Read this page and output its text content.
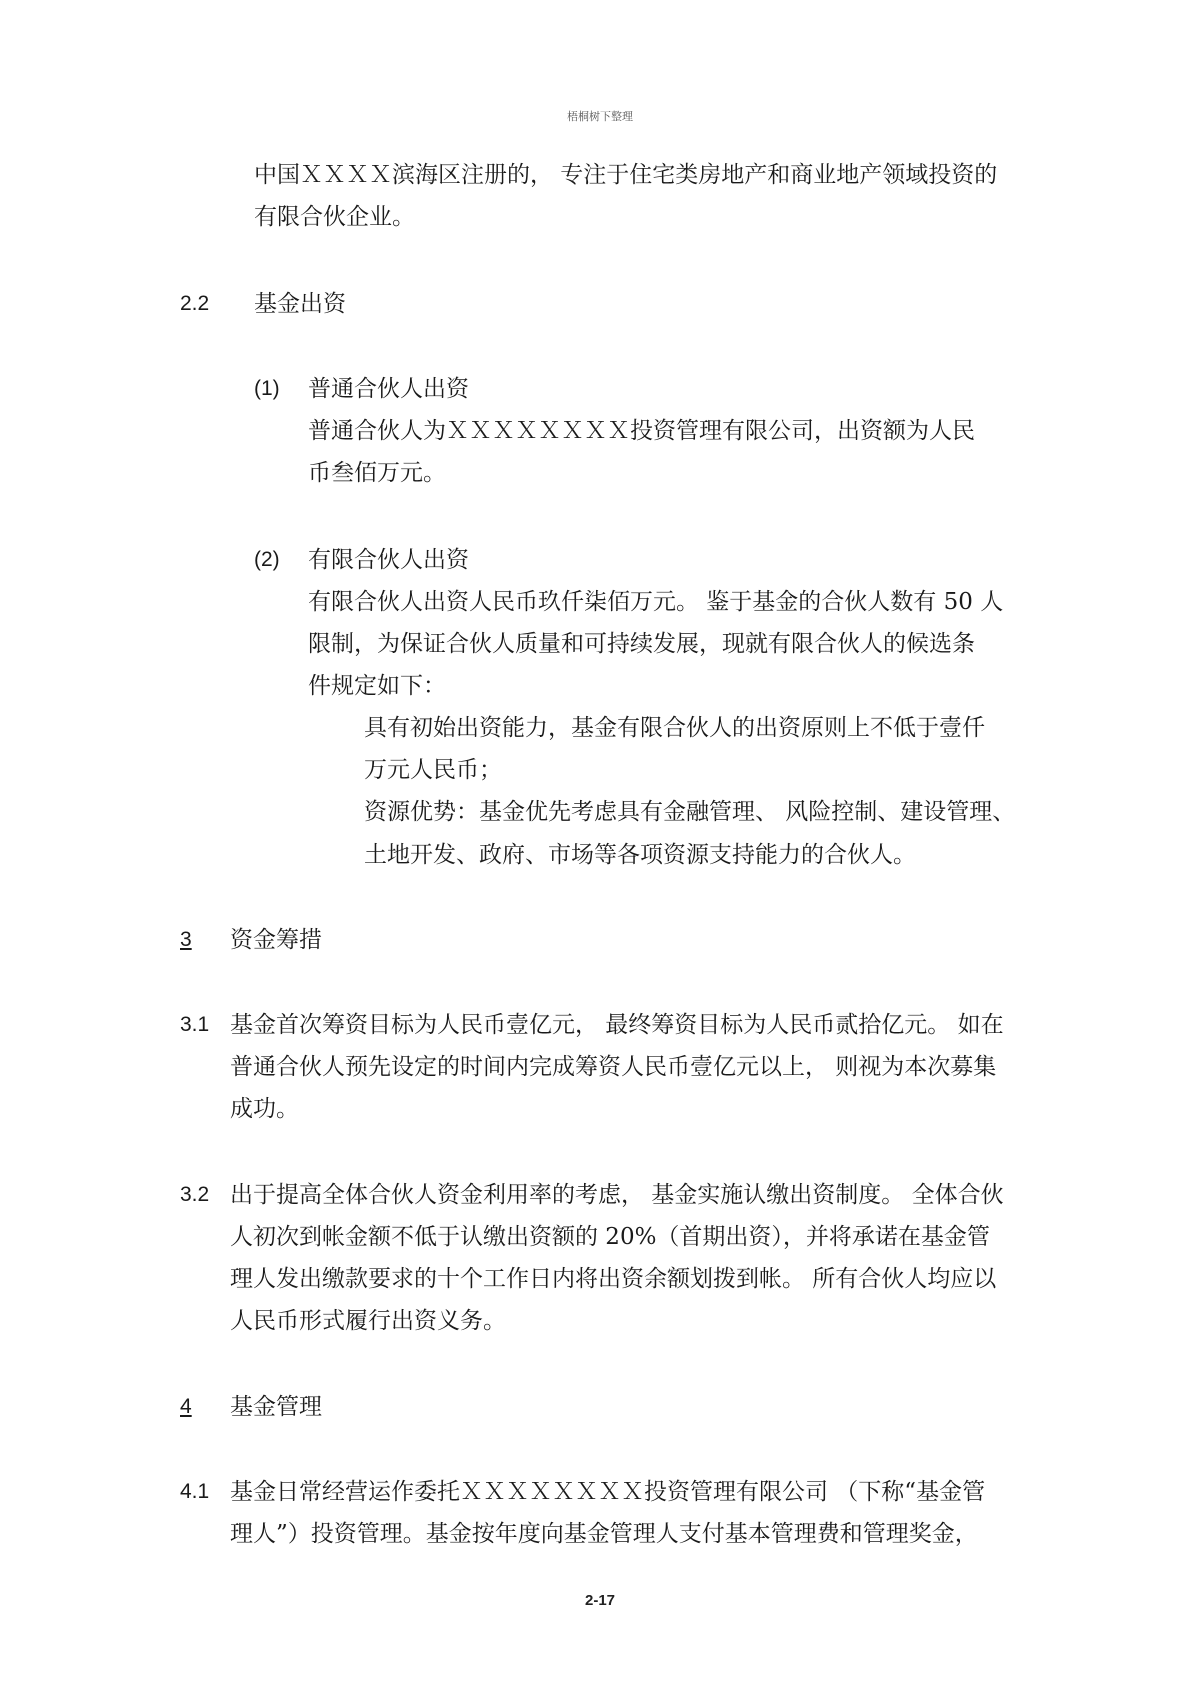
梧桐树下整理
中国ＸＸＸＸ滨海区注册的， 专注于住宅类房地产和商业地产领域投资的
有限合伙企业。
2.2 基金出资
(1) 普通合伙人出资
普通合伙人为ＸＸＸＸＸＸＸＸ投资管理有限公司，出资额为人民
币叁佰万元。
(2) 有限合伙人出资
有限合伙人出资人民币玖仟柒佰万元。 鉴于基金的合伙人数有 50 人
限制，为保证合伙人质量和可持续发展，现就有限合伙人的候选条
件规定如下：
具有初始出资能力，基金有限合伙人的出资原则上不低于壹仟
万元人民币；
资源优势：基金优先考虑具有金融管理、 风险控制、建设管理、
土地开发、政府、市场等各项资源支持能力的合伙人。
3 资金筹措
3.1 基金首次筹资目标为人民币壹亿元， 最终筹资目标为人民币贰拾亿元。 如在
普通合伙人预先设定的时间内完成筹资人民币壹亿元以上， 则视为本次募集
成功。
3.2 出于提高全体合伙人资金利用率的考虑， 基金实施认缴出资制度。 全体合伙
人初次到帐金额不低于认缴出资额的 20%（首期出资），并将承诺在基金管
理人发出缴款要求的十个工作日内将出资余额划拨到帐。 所有合伙人均应以
人民币形式履行出资义务。
4 基金管理
4.1 基金日常经营运作委托ＸＸＸＸＸＸＸＸ投资管理有限公司 （下称“基金管
理人”）投资管理。基金按年度向基金管理人支付基本管理费和管理奖金，
2-17
